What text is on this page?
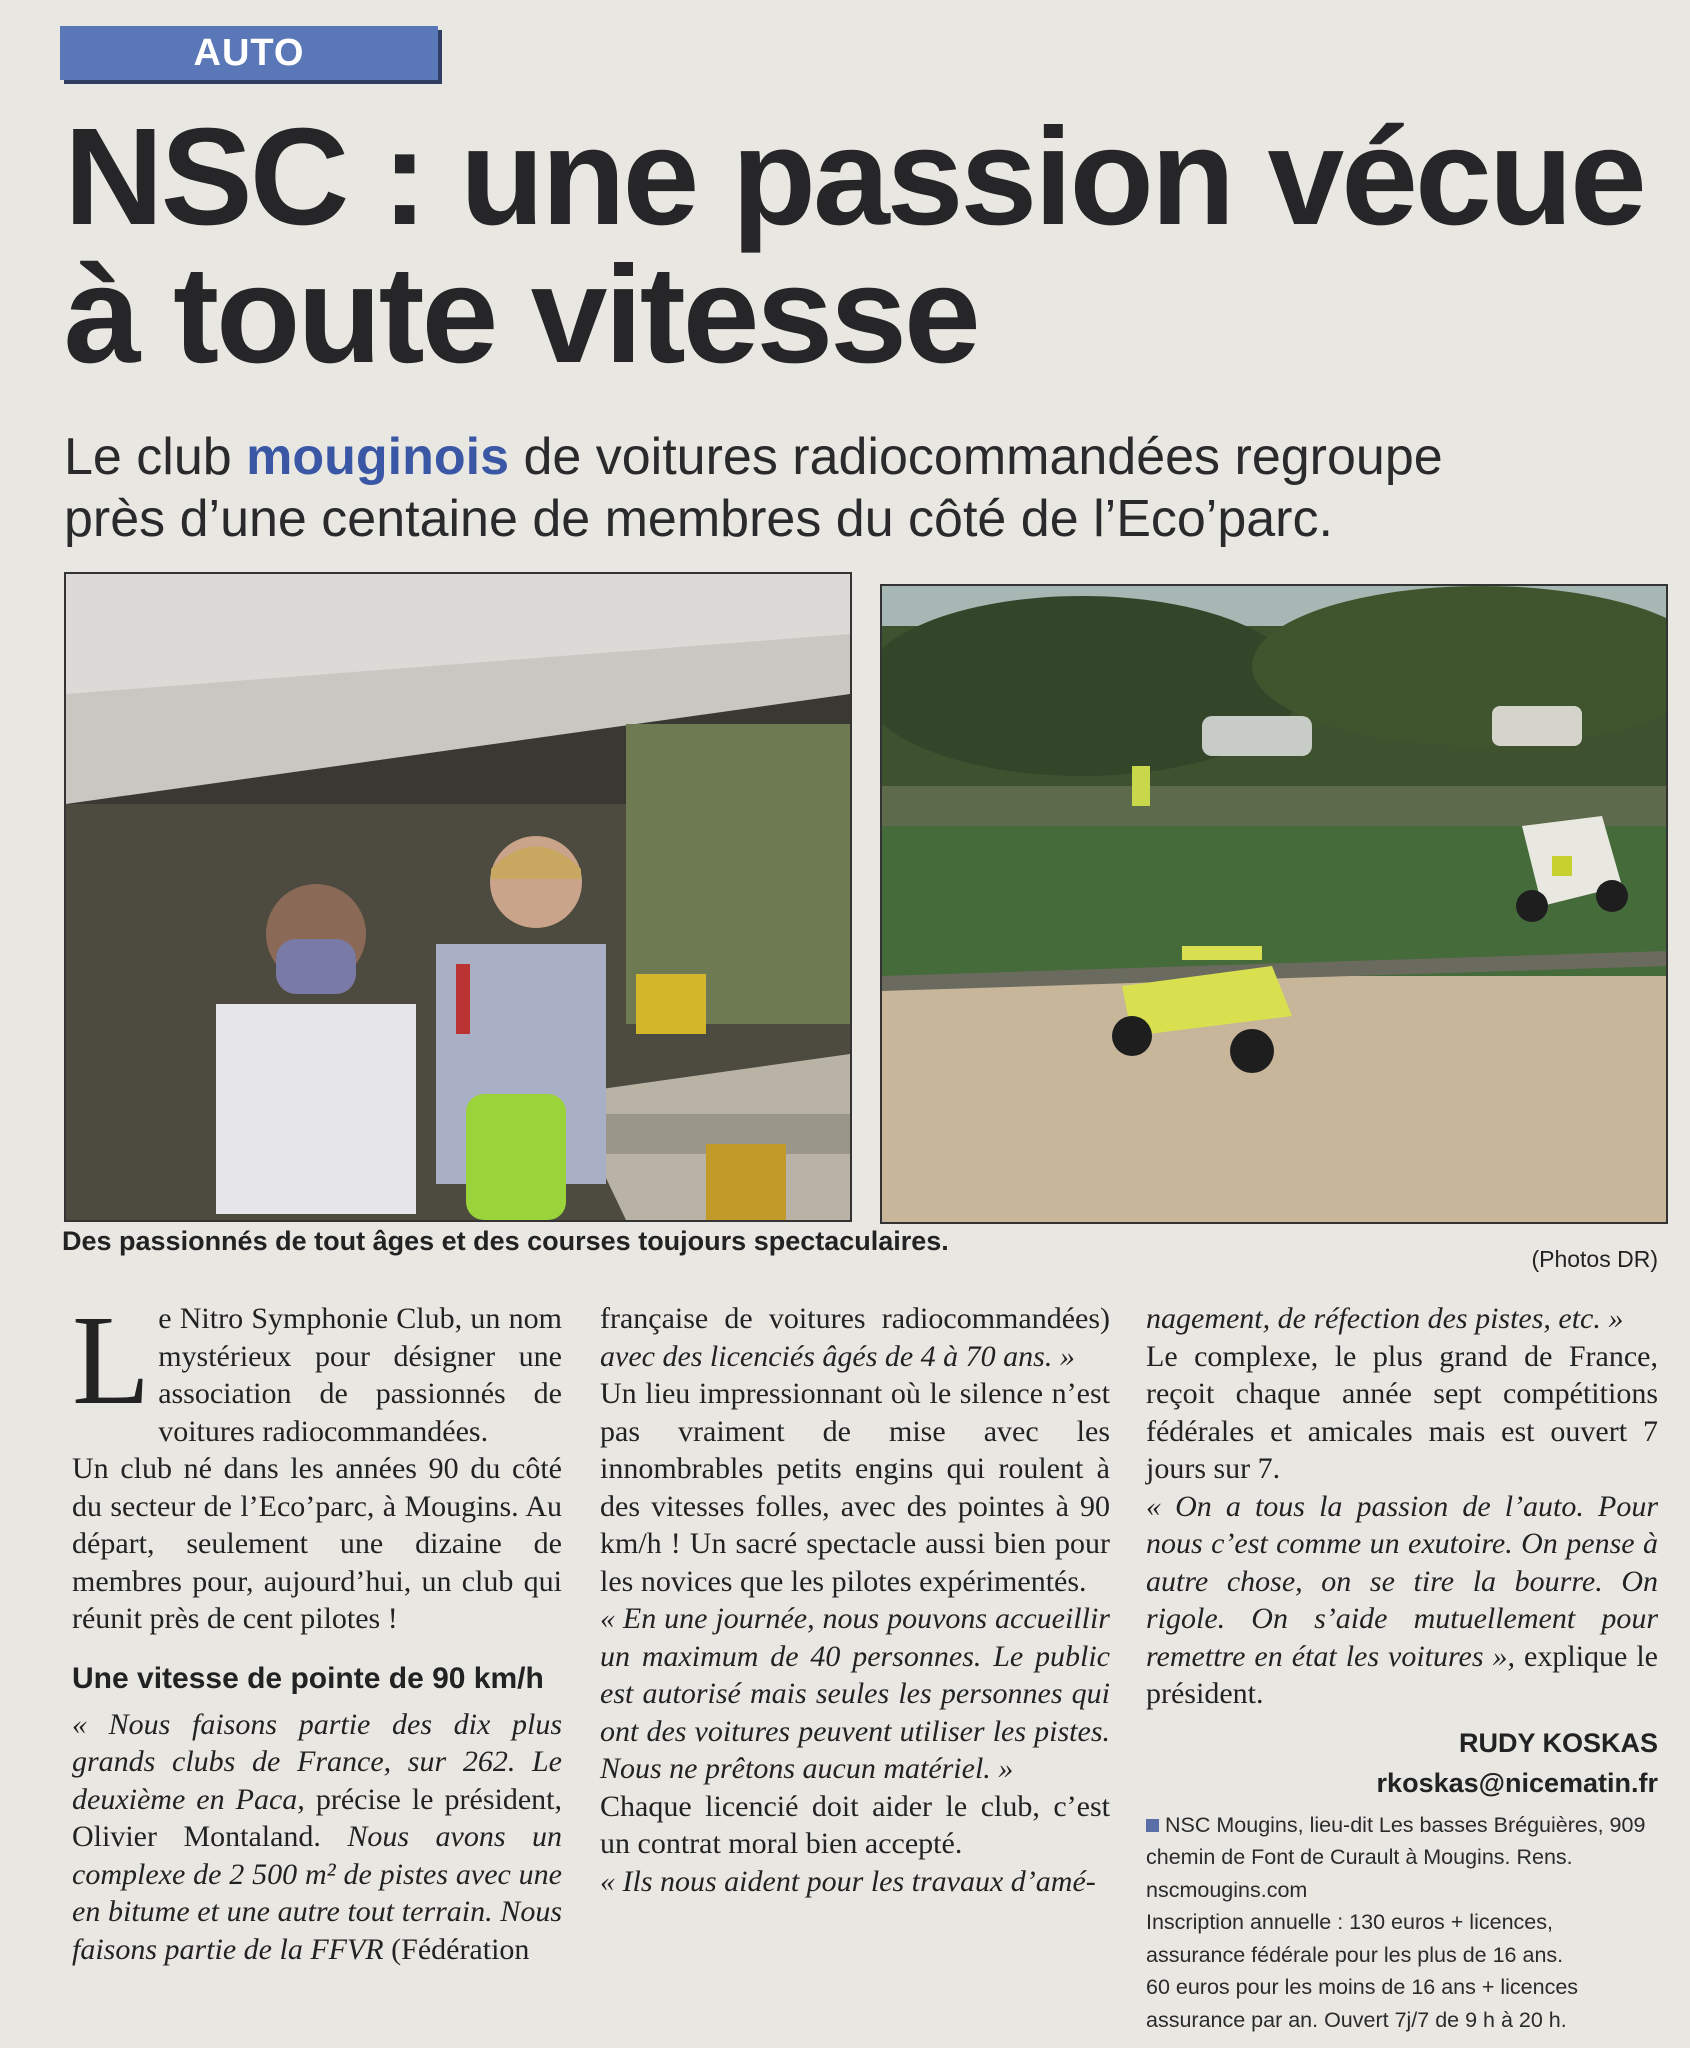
AUTO
NSC : une passion vécue
à toute vitesse
Le club mouginois de voitures radiocommandées regroupe
près d’une centaine de membres du côté de l’Eco’parc.
Des passionnés de tout âges et des courses toujours spectaculaires.
(Photos DR)

Le Nitro Symphonie Club, un nom mystérieux pour désigner une association de passionnés de voitures radiocommandées.

Un club né dans les années 90 du côté du secteur de l’Eco’parc, à Mougins. Au départ, seulement une dizaine de membres pour, aujourd’hui, un club qui réunit près de cent pilotes !

Une vitesse de pointe de 90 km/h

« Nous faisons partie des dix plus grands clubs de France, sur 262. Le deuxième en Paca, précise le président, Olivier Montaland. Nous avons un complexe de 2 500 m² de pistes avec une en bitume et une autre tout terrain. Nous faisons partie de la FFVR (Fédération

française de voitures radiocommandées) avec des licenciés âgés de 4 à 70 ans. »

Un lieu impressionnant où le silence n’est pas vraiment de mise avec les innombrables petits engins qui roulent à des vitesses folles, avec des pointes à 90 km/h ! Un sacré spectacle aussi bien pour les novices que les pilotes expérimentés.

« En une journée, nous pouvons accueillir un maximum de 40 personnes. Le public est autorisé mais seules les personnes qui ont des voitures peuvent utiliser les pistes. Nous ne prêtons aucun matériel. »

Chaque licencié doit aider le club, c’est un contrat moral bien accepté.

« Ils nous aident pour les travaux d’amé-

nagement, de réfection des pistes, etc. »

Le complexe, le plus grand de France, reçoit chaque année sept compétitions fédérales et amicales mais est ouvert 7 jours sur 7.

« On a tous la passion de l’auto. Pour nous c’est comme un exutoire. On pense à autre chose, on se tire la bourre. On rigole. On s’aide mutuellement pour remettre en état les voitures », explique le président.

RUDY KOSKAS
rkoskas@nicematin.fr
NSC Mougins, lieu-dit Les basses Bréguières, 909 chemin de Font de Curault à Mougins. Rens. nscmougins.com
Inscription annuelle : 130 euros + licences, assurance fédérale pour les plus de 16 ans.
60 euros pour les moins de 16 ans + licences assurance par an. Ouvert 7j/7 de 9 h à 20 h.
